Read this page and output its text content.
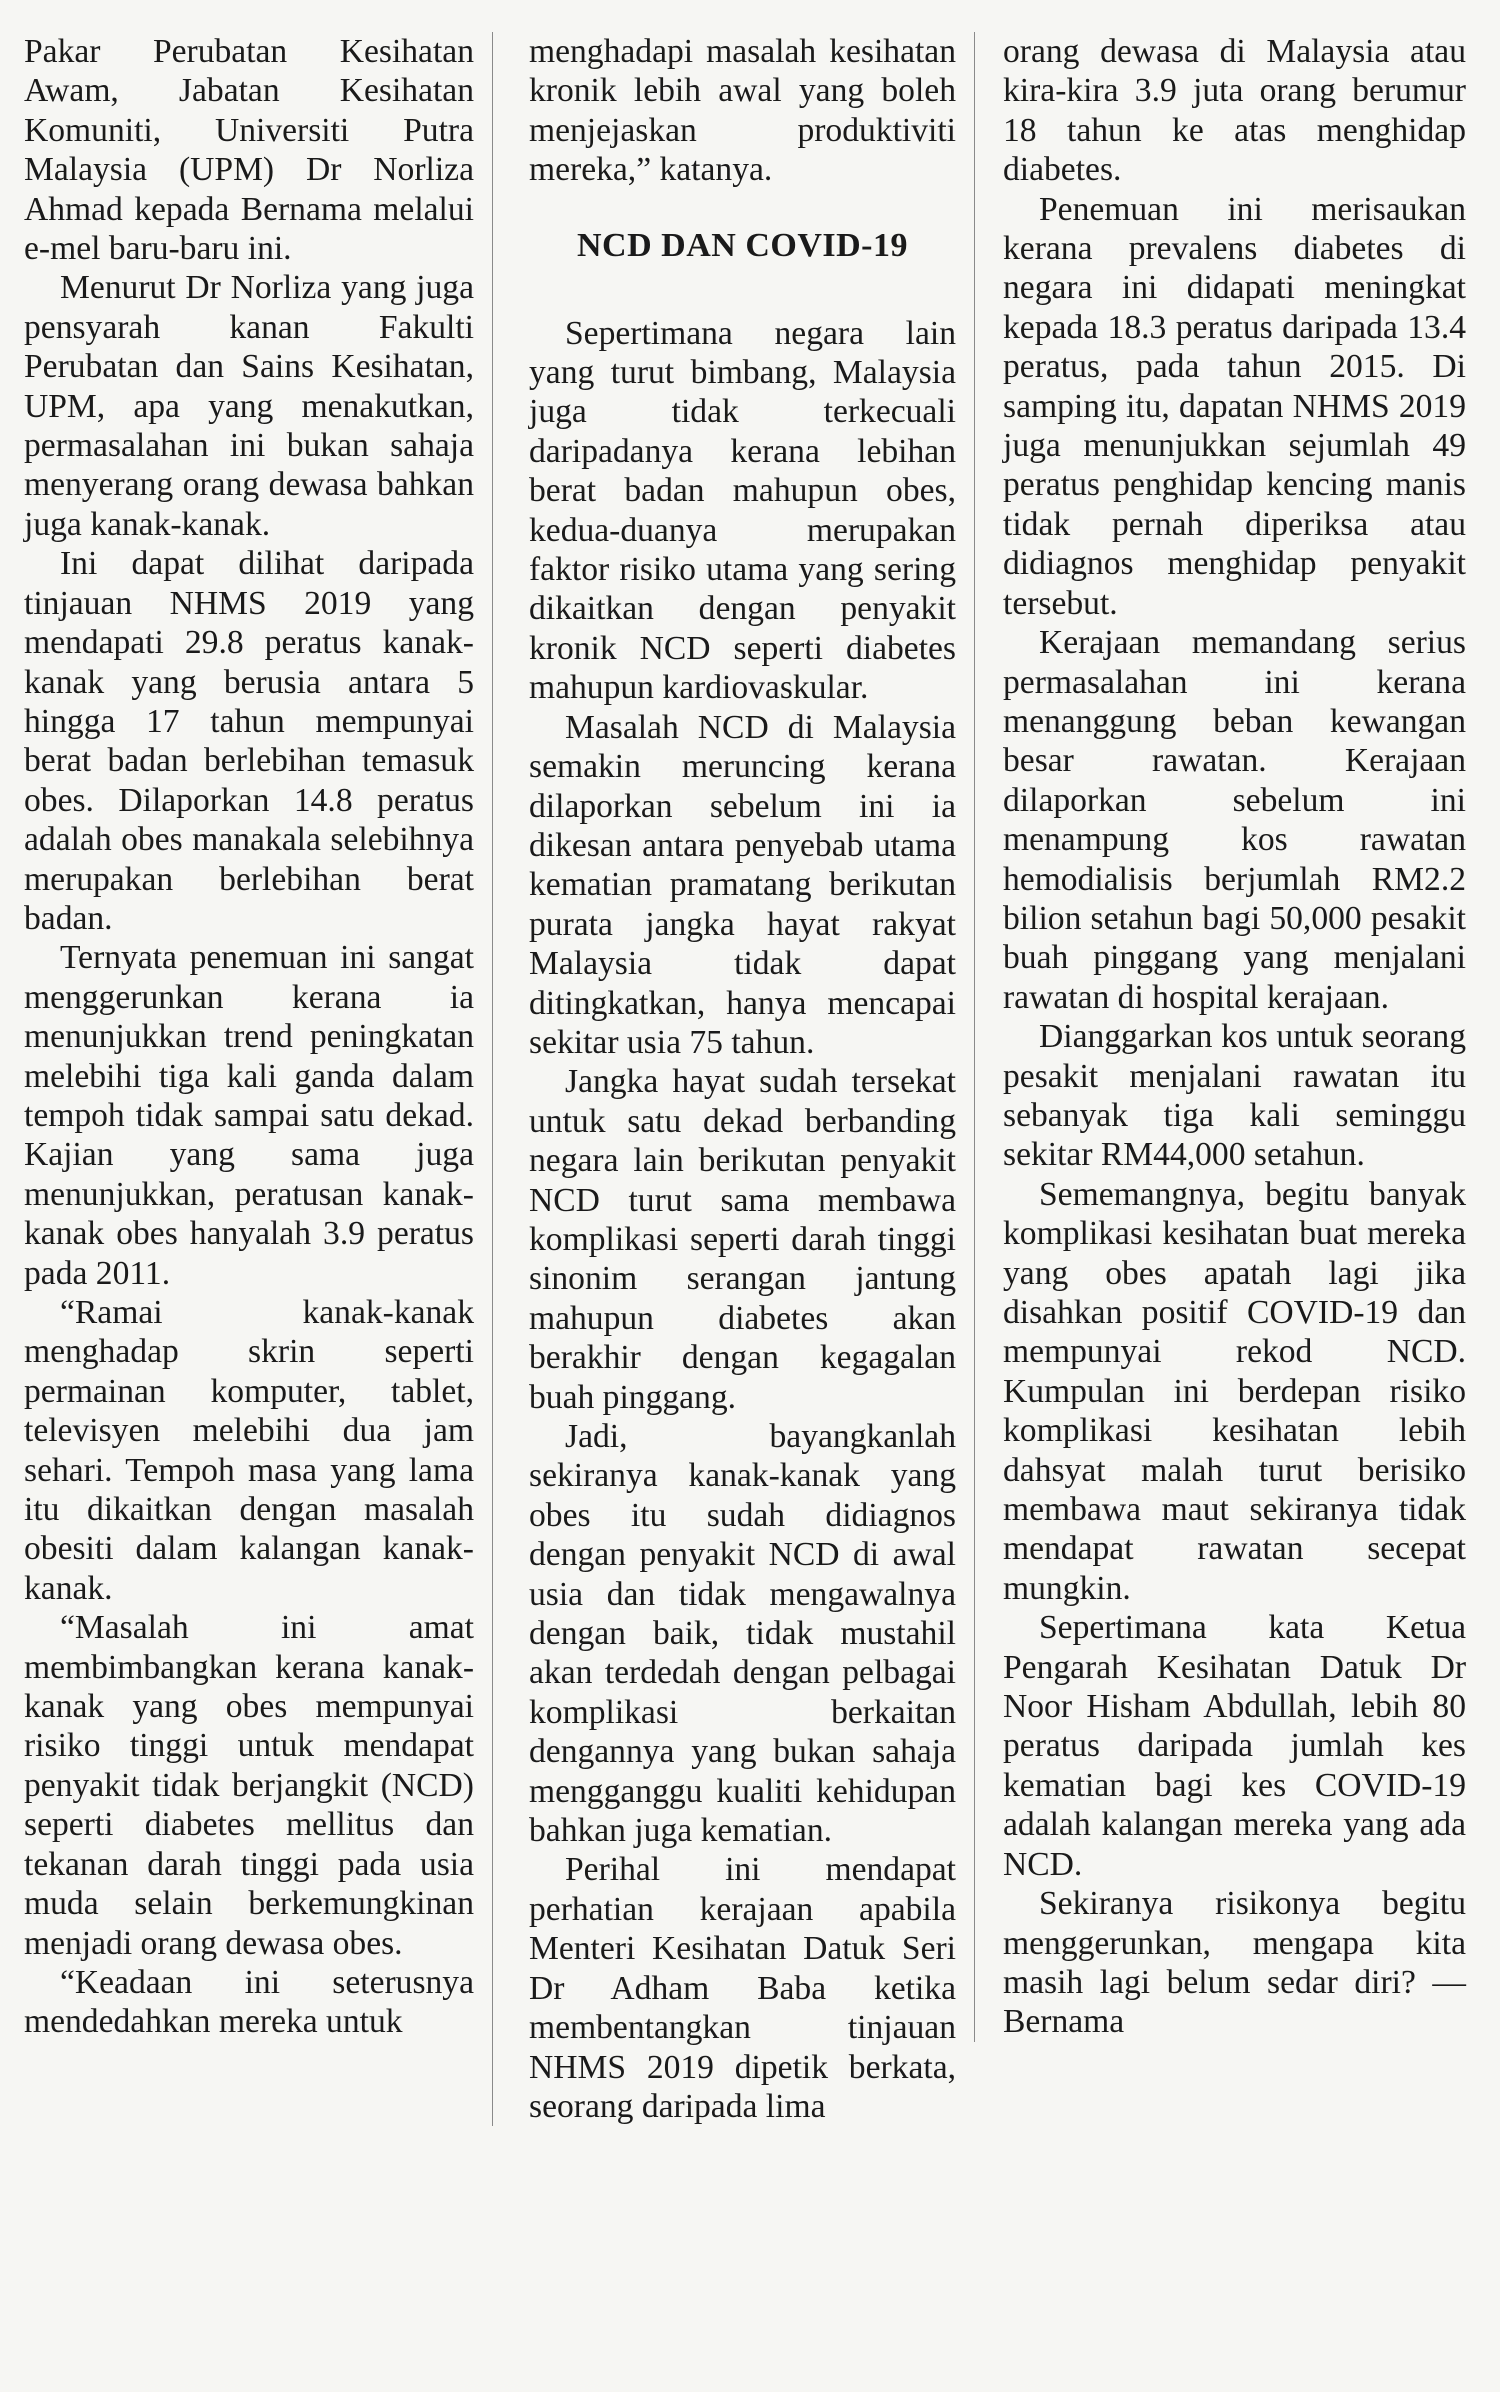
Pakar Perubatan Kesihatan Awam, Jabatan Kesihatan Komuniti, Universiti Putra Malaysia (UPM) Dr Norliza Ahmad kepada Bernama melalui e-mel baru-baru ini.

Menurut Dr Norliza yang juga pensyarah kanan Fakulti Perubatan dan Sains Kesihatan, UPM, apa yang menakutkan, permasalahan ini bukan sahaja menyerang orang dewasa bahkan juga kanak-kanak.

Ini dapat dilihat daripada tinjauan NHMS 2019 yang mendapati 29.8 peratus kanak-kanak yang berusia antara 5 hingga 17 tahun mempunyai berat badan berlebihan temasuk obes. Dilaporkan 14.8 peratus adalah obes manakala selebihnya merupakan berlebihan berat badan.

Ternyata penemuan ini sangat menggerunkan kerana ia menunjukkan trend peningkatan melebihi tiga kali ganda dalam tempoh tidak sampai satu dekad. Kajian yang sama juga menunjukkan, peratusan kanak-kanak obes hanyalah 3.9 peratus pada 2011.

“Ramai kanak-kanak menghadap skrin seperti permainan komputer, tablet, televisyen melebihi dua jam sehari. Tempoh masa yang lama itu dikaitkan dengan masalah obesiti dalam kalangan kanak-kanak.

“Masalah ini amat membimbangkan kerana kanak-kanak yang obes mempunyai risiko tinggi untuk mendapat penyakit tidak berjangkit (NCD) seperti diabetes mellitus dan tekanan darah tinggi pada usia muda selain berkemungkinan menjadi orang dewasa obes.

“Keadaan ini seterusnya mendedahkan mereka untuk

menghadapi masalah kesihatan kronik lebih awal yang boleh menjejaskan produktiviti mereka,” katanya.

NCD DAN COVID-19

Sepertimana negara lain yang turut bimbang, Malaysia juga tidak terkecuali daripadanya kerana lebihan berat badan mahupun obes, kedua-duanya merupakan faktor risiko utama yang sering dikaitkan dengan penyakit kronik NCD seperti diabetes mahupun kardiovaskular.

Masalah NCD di Malaysia semakin meruncing kerana dilaporkan sebelum ini ia dikesan antara penyebab utama kematian pramatang berikutan purata jangka hayat rakyat Malaysia tidak dapat ditingkatkan, hanya mencapai sekitar usia 75 tahun.

Jangka hayat sudah tersekat untuk satu dekad berbanding negara lain berikutan penyakit NCD turut sama membawa komplikasi seperti darah tinggi sinonim serangan jantung mahupun diabetes akan berakhir dengan kegagalan buah pinggang.

Jadi, bayangkanlah sekiranya kanak-kanak yang obes itu sudah didiagnos dengan penyakit NCD di awal usia dan tidak mengawalnya dengan baik, tidak mustahil akan terdedah dengan pelbagai komplikasi berkaitan dengannya yang bukan sahaja mengganggu kualiti kehidupan bahkan juga kematian.

Perihal ini mendapat perhatian kerajaan apabila Menteri Kesihatan Datuk Seri Dr Adham Baba ketika membentangkan tinjauan NHMS 2019 dipetik berkata, seorang daripada lima

orang dewasa di Malaysia atau kira-kira 3.9 juta orang berumur 18 tahun ke atas menghidap diabetes.

Penemuan ini merisaukan kerana prevalens diabetes di negara ini didapati meningkat kepada 18.3 peratus daripada 13.4 peratus, pada tahun 2015. Di samping itu, dapatan NHMS 2019 juga menunjukkan sejumlah 49 peratus penghidap kencing manis tidak pernah diperiksa atau didiagnos menghidap penyakit tersebut.

Kerajaan memandang serius permasalahan ini kerana menanggung beban kewangan besar rawatan. Kerajaan dilaporkan sebelum ini menampung kos rawatan hemodialisis berjumlah RM2.2 bilion setahun bagi 50,000 pesakit buah pinggang yang menjalani rawatan di hospital kerajaan.

Dianggarkan kos untuk seorang pesakit menjalani rawatan itu sebanyak tiga kali seminggu sekitar RM44,000 setahun.

Sememangnya, begitu banyak komplikasi kesihatan buat mereka yang obes apatah lagi jika disahkan positif COVID-19 dan mempunyai rekod NCD. Kumpulan ini berdepan risiko komplikasi kesihatan lebih dahsyat malah turut berisiko membawa maut sekiranya tidak mendapat rawatan secepat mungkin.

Sepertimana kata Ketua Pengarah Kesihatan Datuk Dr Noor Hisham Abdullah, lebih 80 peratus daripada jumlah kes kematian bagi kes COVID-19 adalah kalangan mereka yang ada NCD.

Sekiranya risikonya begitu menggerunkan, mengapa kita masih lagi belum sedar diri? — Bernama
